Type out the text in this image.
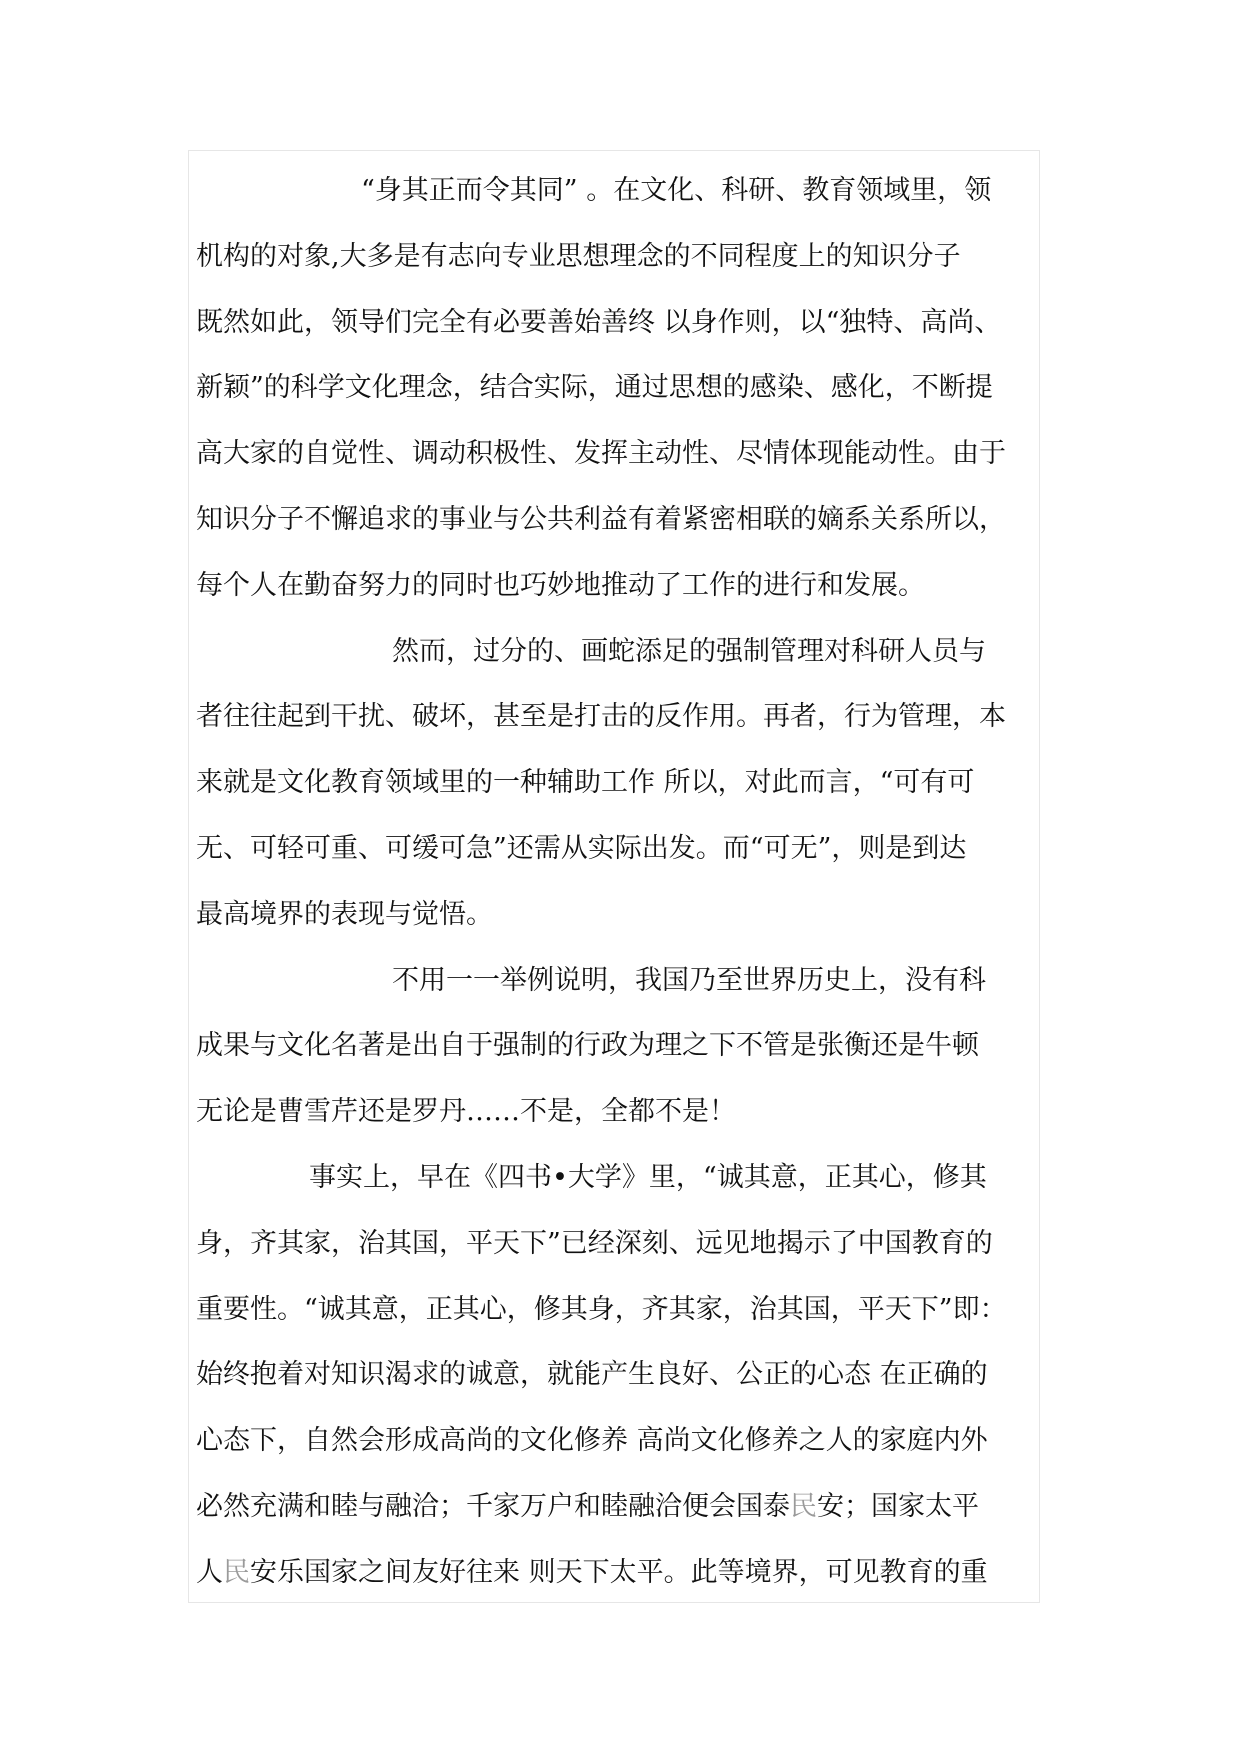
“身其正而令其同” 。在文化、科研、教育领域里，领
机构的对象,大多是有志向专业思想理念的不同程度上的知识分子
既然如此，领导们完全有必要善始善终 以身作则，以“独特、高尚、
新颖”的科学文化理念，结合实际，通过思想的感染、感化，不断提
高大家的自觉性、调动积极性、发挥主动性、尽情体现能动性。由于
知识分子不懈追求的事业与公共利益有着紧密相联的嫡系关系所以，
每个人在勤奋努力的同时也巧妙地推动了工作的进行和发展。
然而，过分的、画蛇添足的强制管理对科研人员与
者往往起到干扰、破坏，甚至是打击的反作用。再者，行为管理，本
来就是文化教育领域里的一种辅助工作 所以，对此而言，“可有可
无、可轻可重、可缓可急”还需从实际出发。而“可无”，则是到达
最高境界的表现与觉悟。
不用一一举例说明，我国乃至世界历史上，没有科
成果与文化名著是出自于强制的行政为理之下不管是张衡还是牛顿
无论是曹雪芹还是罗丹……不是，全都不是！
事实上，早在《四书•大学》里，“诚其意，正其心，修其
身，齐其家，治其国，平天下”已经深刻、远见地揭示了中国教育的
重要性。“诚其意，正其心，修其身，齐其家，治其国，平天下”即：
始终抱着对知识渴求的诚意，就能产生良好、公正的心态 在正确的
心态下，自然会形成高尚的文化修养 高尚文化修养之人的家庭内外
必然充满和睦与融洽；千家万户和睦融洽便会国泰民安；国家太平
人民安乐国家之间友好往来 则天下太平。此等境界，可见教育的重
